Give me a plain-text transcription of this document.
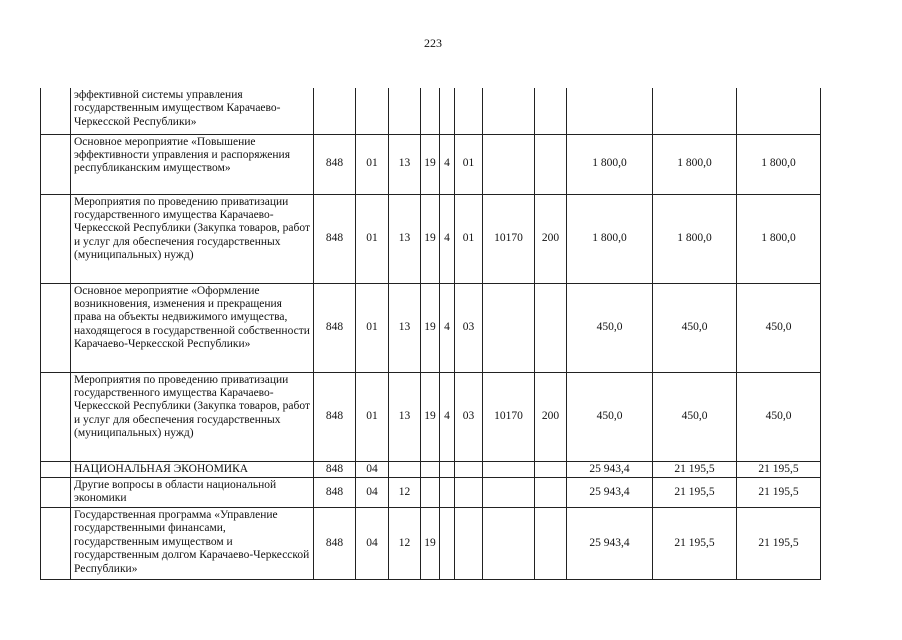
223
	эффективной системы управления государственным имуществом Карачаево-Черкесской Республики»											
	Основное мероприятие «Повышение эффективности управления и распоряжения республиканским имуществом»	848	01	13	19	4	01			1 800,0	1 800,0	1 800,0
	Мероприятия по проведению приватизации государственного имущества Карачаево-Черкесской Республики (Закупка товаров, работ и услуг для обеспечения государственных (муниципальных) нужд)	848	01	13	19	4	01	10170	200	1 800,0	1 800,0	1 800,0
	Основное мероприятие «Оформление возникновения, изменения и прекращения права на объекты недвижимого имущества, находящегося в государственной собственности Карачаево-Черкесской Республики»	848	01	13	19	4	03			450,0	450,0	450,0
	Мероприятия по проведению приватизации государственного имущества Карачаево-Черкесской Республики (Закупка товаров, работ и услуг для обеспечения государственных (муниципальных) нужд)	848	01	13	19	4	03	10170	200	450,0	450,0	450,0
	НАЦИОНАЛЬНАЯ ЭКОНОМИКА	848	04							25 943,4	21 195,5	21 195,5
	Другие вопросы в области национальной экономики	848	04	12						25 943,4	21 195,5	21 195,5
	Государственная программа «Управление государственными финансами, государственным имуществом и государственным долгом Карачаево-Черкесской Республики»	848	04	12	19					25 943,4	21 195,5	21 195,5
